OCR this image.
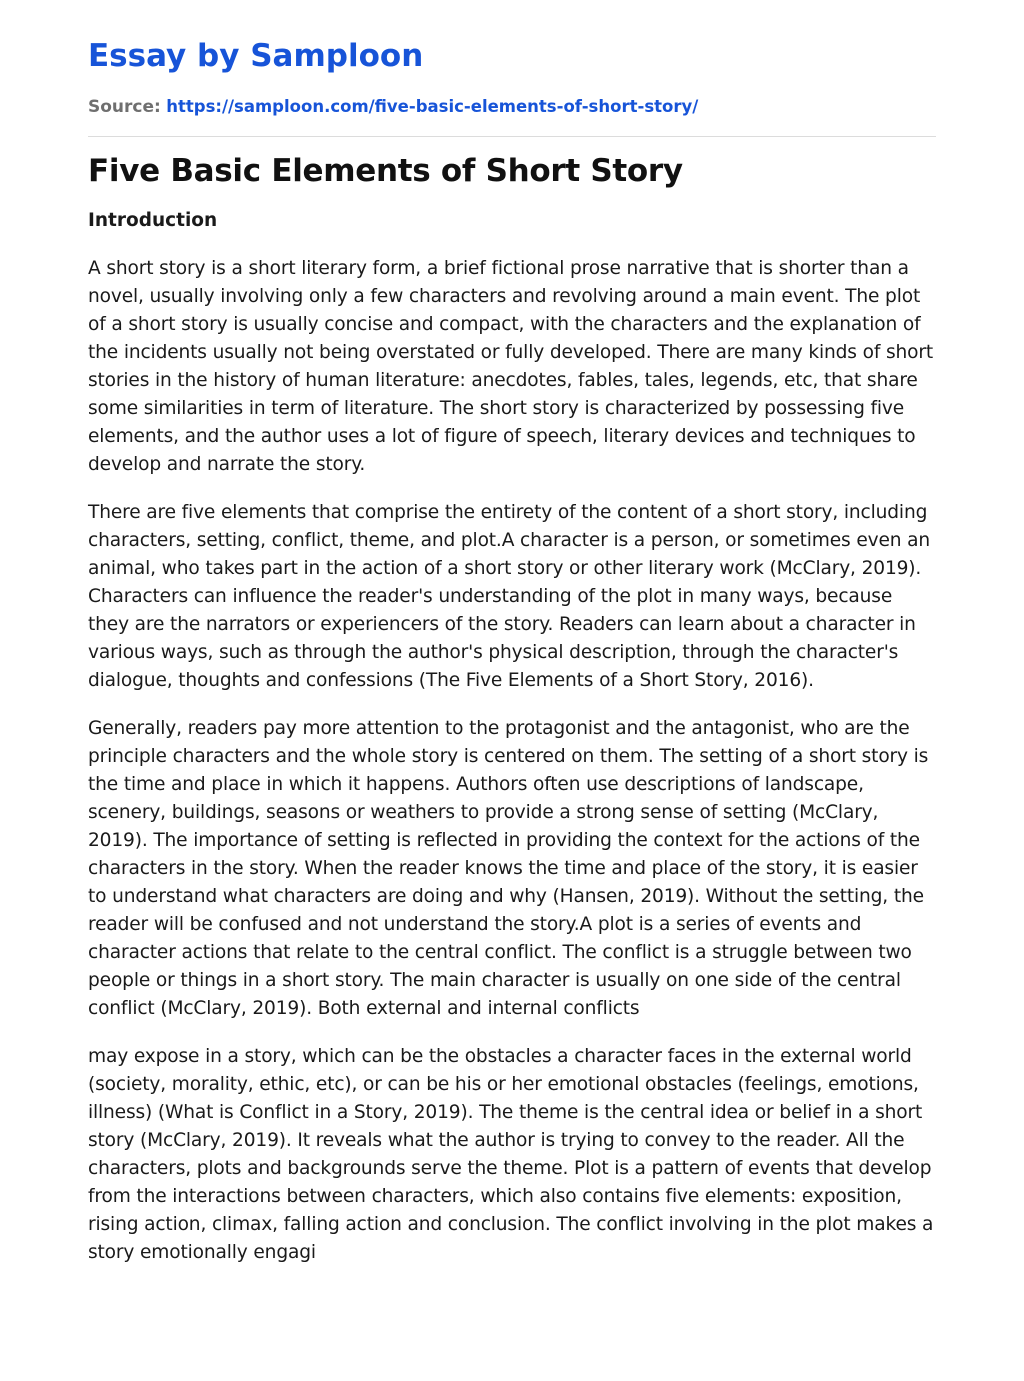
Essay by Samploon
Source: https://samploon.com/five-basic-elements-of-short-story/
Five Basic Elements of Short Story
Introduction

A short story is a short literary form, a brief fictional prose narrative that is shorter than a novel, usually involving only a few characters and revolving around a main event. The plot of a short story is usually concise and compact, with the characters and the explanation of the incidents usually not being overstated or fully developed. There are many kinds of short stories in the history of human literature: anecdotes, fables, tales, legends, etc, that share some similarities in term of literature. The short story is characterized by possessing five elements, and the author uses a lot of figure of speech, literary devices and techniques to develop and narrate the story.

There are five elements that comprise the entirety of the content of a short story, including characters, setting, conflict, theme, and plot.A character is a person, or sometimes even an animal, who takes part in the action of a short story or other literary work (McClary, 2019). Characters can influence the reader's understanding of the plot in many ways, because they are the narrators or experiencers of the story. Readers can learn about a character in various ways, such as through the author's physical description, through the character's dialogue, thoughts and confessions (The Five Elements of a Short Story, 2016).

Generally, readers pay more attention to the protagonist and the antagonist, who are the principle characters and the whole story is centered on them. The setting of a short story is the time and place in which it happens. Authors often use descriptions of landscape, scenery, buildings, seasons or weathers to provide a strong sense of setting (McClary, 2019). The importance of setting is reflected in providing the context for the actions of the characters in the story. When the reader knows the time and place of the story, it is easier to understand what characters are doing and why (Hansen, 2019). Without the setting, the reader will be confused and not understand the story.A plot is a series of events and character actions that relate to the central conflict. The conflict is a struggle between two people or things in a short story. The main character is usually on one side of the central conflict (McClary, 2019). Both external and internal conflicts

may expose in a story, which can be the obstacles a character faces in the external world (society, morality, ethic, etc), or can be his or her emotional obstacles (feelings, emotions, illness) (What is Conflict in a Story, 2019). The theme is the central idea or belief in a short story (McClary, 2019). It reveals what the author is trying to convey to the reader. All the characters, plots and backgrounds serve the theme. Plot is a pattern of events that develop from the interactions between characters, which also contains five elements: exposition, rising action, climax, falling action and conclusion. The conflict involving in the plot makes a story emotionally engagi
